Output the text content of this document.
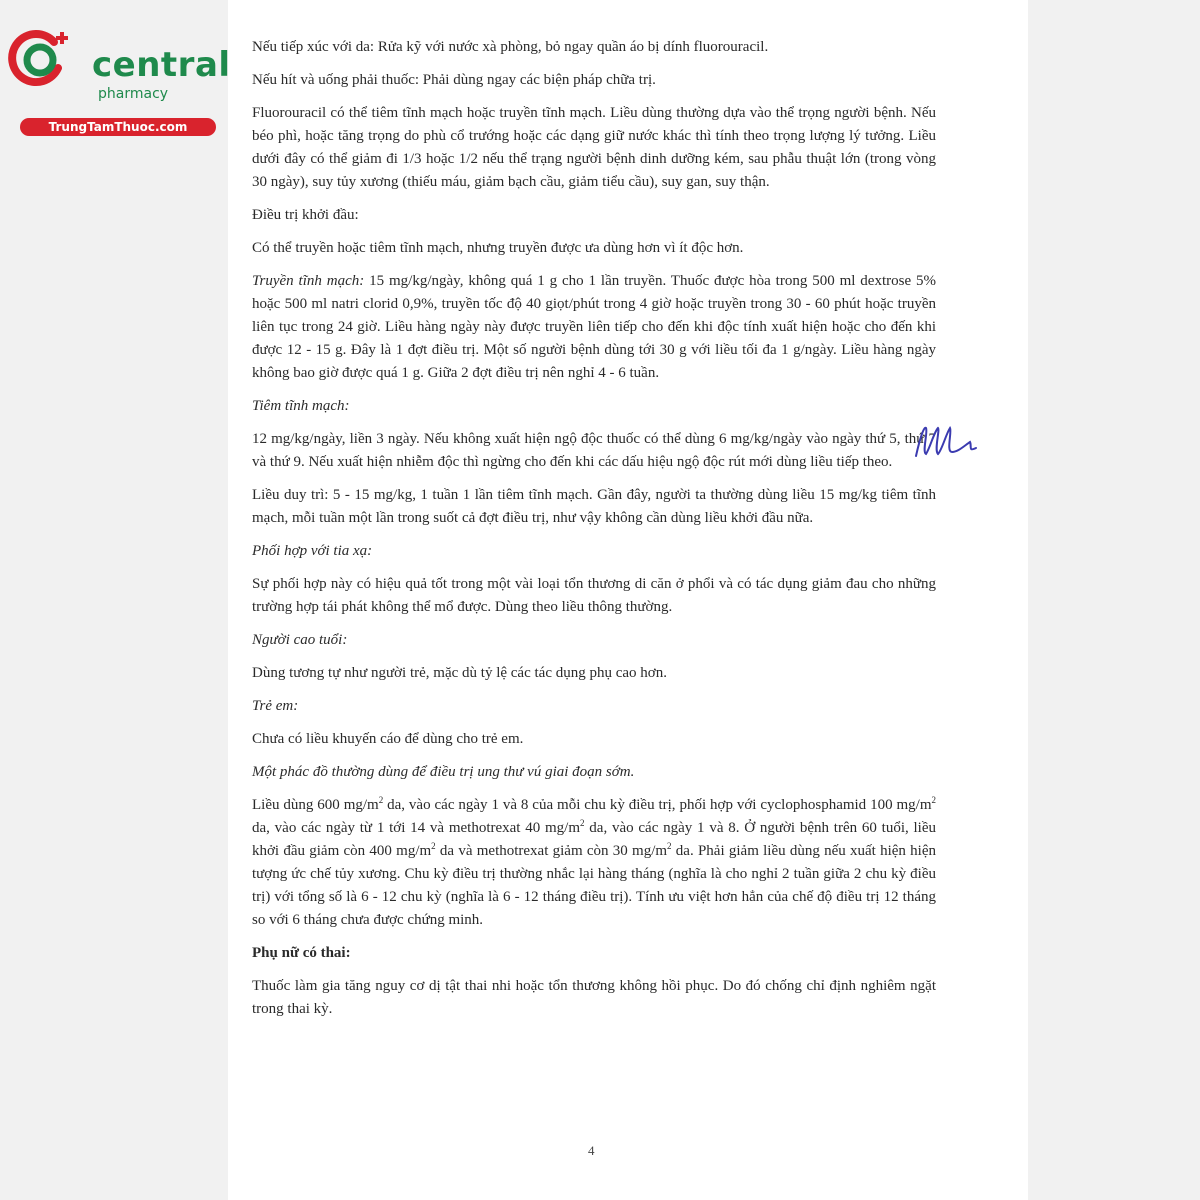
central
pharmacy
TrungTamThuoc.com

Nếu tiếp xúc với da: Rửa kỹ với nước xà phòng, bỏ ngay quần áo bị dính fluorouracil.

Nếu hít và uống phải thuốc: Phải dùng ngay các biện pháp chữa trị.

Fluorouracil có thể tiêm tĩnh mạch hoặc truyền tĩnh mạch. Liều dùng thường dựa vào thể trọng người bệnh. Nếu béo phì, hoặc tăng trọng do phù cổ trướng hoặc các dạng giữ nước khác thì tính theo trọng lượng lý tưởng. Liều dưới đây có thể giảm đi 1/3 hoặc 1/2 nếu thể trạng người bệnh dinh dưỡng kém, sau phẫu thuật lớn (trong vòng 30 ngày), suy tủy xương (thiếu máu, giảm bạch cầu, giảm tiểu cầu), suy gan, suy thận.

Điều trị khởi đầu:

Có thể truyền hoặc tiêm tĩnh mạch, nhưng truyền được ưa dùng hơn vì ít độc hơn.

Truyền tĩnh mạch: 15 mg/kg/ngày, không quá 1 g cho 1 lần truyền. Thuốc được hòa trong 500 ml dextrose 5% hoặc 500 ml natri clorid 0,9%, truyền tốc độ 40 giọt/phút trong 4 giờ hoặc truyền trong 30 - 60 phút hoặc truyền liên tục trong 24 giờ. Liều hàng ngày này được truyền liên tiếp cho đến khi độc tính xuất hiện hoặc cho đến khi được 12 - 15 g. Đây là 1 đợt điều trị. Một số người bệnh dùng tới 30 g với liều tối đa 1 g/ngày. Liều hàng ngày không bao giờ được quá 1 g. Giữa 2 đợt điều trị nên nghỉ 4 - 6 tuần.

Tiêm tĩnh mạch:

12 mg/kg/ngày, liền 3 ngày. Nếu không xuất hiện ngộ độc thuốc có thể dùng 6 mg/kg/ngày vào ngày thứ 5, thứ 7 và thứ 9. Nếu xuất hiện nhiễm độc thì ngừng cho đến khi các dấu hiệu ngộ độc rút mới dùng liều tiếp theo.

Liều duy trì: 5 - 15 mg/kg, 1 tuần 1 lần tiêm tĩnh mạch. Gần đây, người ta thường dùng liều 15 mg/kg tiêm tĩnh mạch, mỗi tuần một lần trong suốt cả đợt điều trị, như vậy không cần dùng liều khởi đầu nữa.

Phối hợp với tia xạ:

Sự phối hợp này có hiệu quả tốt trong một vài loại tổn thương di căn ở phổi và có tác dụng giảm đau cho những trường hợp tái phát không thể mổ được. Dùng theo liều thông thường.

Người cao tuổi:

Dùng tương tự như người trẻ, mặc dù tỷ lệ các tác dụng phụ cao hơn.

Trẻ em:

Chưa có liều khuyến cáo để dùng cho trẻ em.

Một phác đồ thường dùng để điều trị ung thư vú giai đoạn sớm.

Liều dùng 600 $mg/m^2$ da, vào các ngày 1 và 8 của mỗi chu kỳ điều trị, phối hợp với cyclophosphamid 100 $mg/m^2$ da, vào các ngày từ 1 tới 14 và methotrexat 40 $mg/m^2$ da, vào các ngày 1 và 8. Ở người bệnh trên 60 tuổi, liều khởi đầu giảm còn 400 $mg/m^2$ da và methotrexat giảm còn 30 $mg/m^2$ da. Phải giảm liều dùng nếu xuất hiện hiện tượng ức chế tủy xương. Chu kỳ điều trị thường nhắc lại hàng tháng (nghĩa là cho nghỉ 2 tuần giữa 2 chu kỳ điều trị) với tổng số là 6 - 12 chu kỳ (nghĩa là 6 - 12 tháng điều trị). Tính ưu việt hơn hẳn của chế độ điều trị 12 tháng so với 6 tháng chưa được chứng minh.

Phụ nữ có thai:

Thuốc làm gia tăng nguy cơ dị tật thai nhi hoặc tổn thương không hồi phục. Do đó chống chỉ định nghiêm ngặt trong thai kỳ.

4
